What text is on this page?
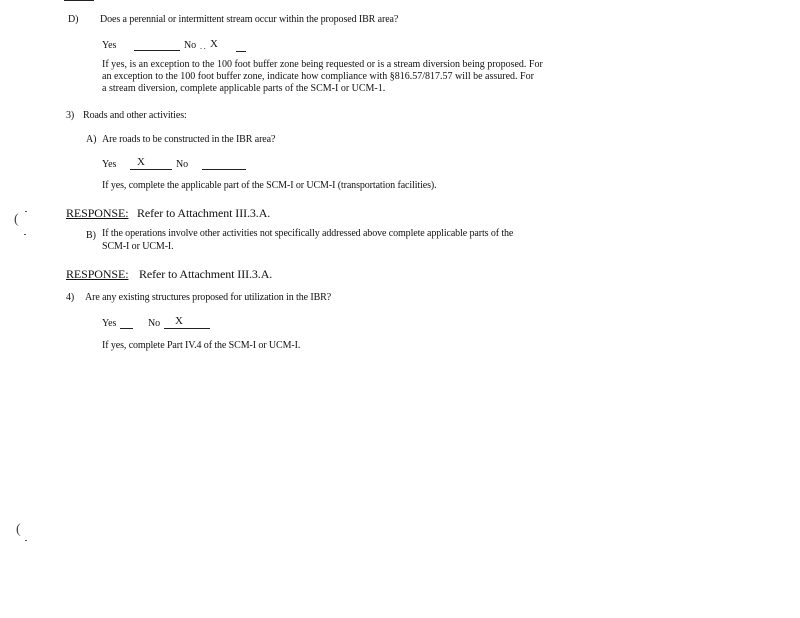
D) Does a perennial or intermittent stream occur within the proposed IBR area?
Yes	No . . X
If yes, is an exception to the 100 foot buffer zone being requested or is a stream diversion being proposed. For
an exception to the 100 foot buffer zone, indicate how compliance with §816.57/817.57 will be assured. For
a stream diversion, complete applicable parts of the SCM-I or UCM-1.
3) Roads and other activities:
A) Are roads to be constructed in the IBR area?
Yes X	No
If yes, complete the applicable part of the SCM-I or UCM-I (transportation facilities).
RESPONSE: Refer to Attachment III.3.A.
B) If the operations involve other activities not specifically addressed above complete applicable parts of the
SCM-I or UCM-I.
RESPONSE: Refer to Attachment III.3.A.
4) Are any existing structures proposed for utilization in the IBR?
Yes	No X
If yes, complete Part IV.4 of the SCM-I or UCM-I.
(
(
